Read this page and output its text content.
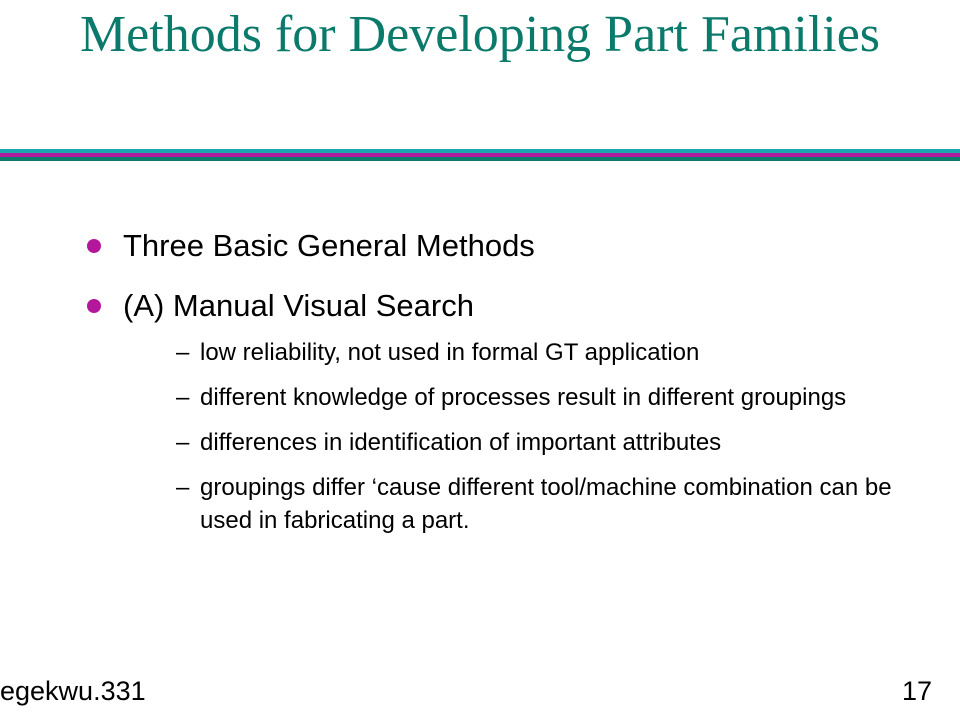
Methods for Developing Part Families
Three Basic General Methods
(A) Manual Visual Search
– low reliability, not used in formal GT application
– different knowledge of processes result in different groupings
– differences in identification of important attributes
– groupings differ ‘cause different tool/machine combination can be used in fabricating a part.
egekwu.331	17
